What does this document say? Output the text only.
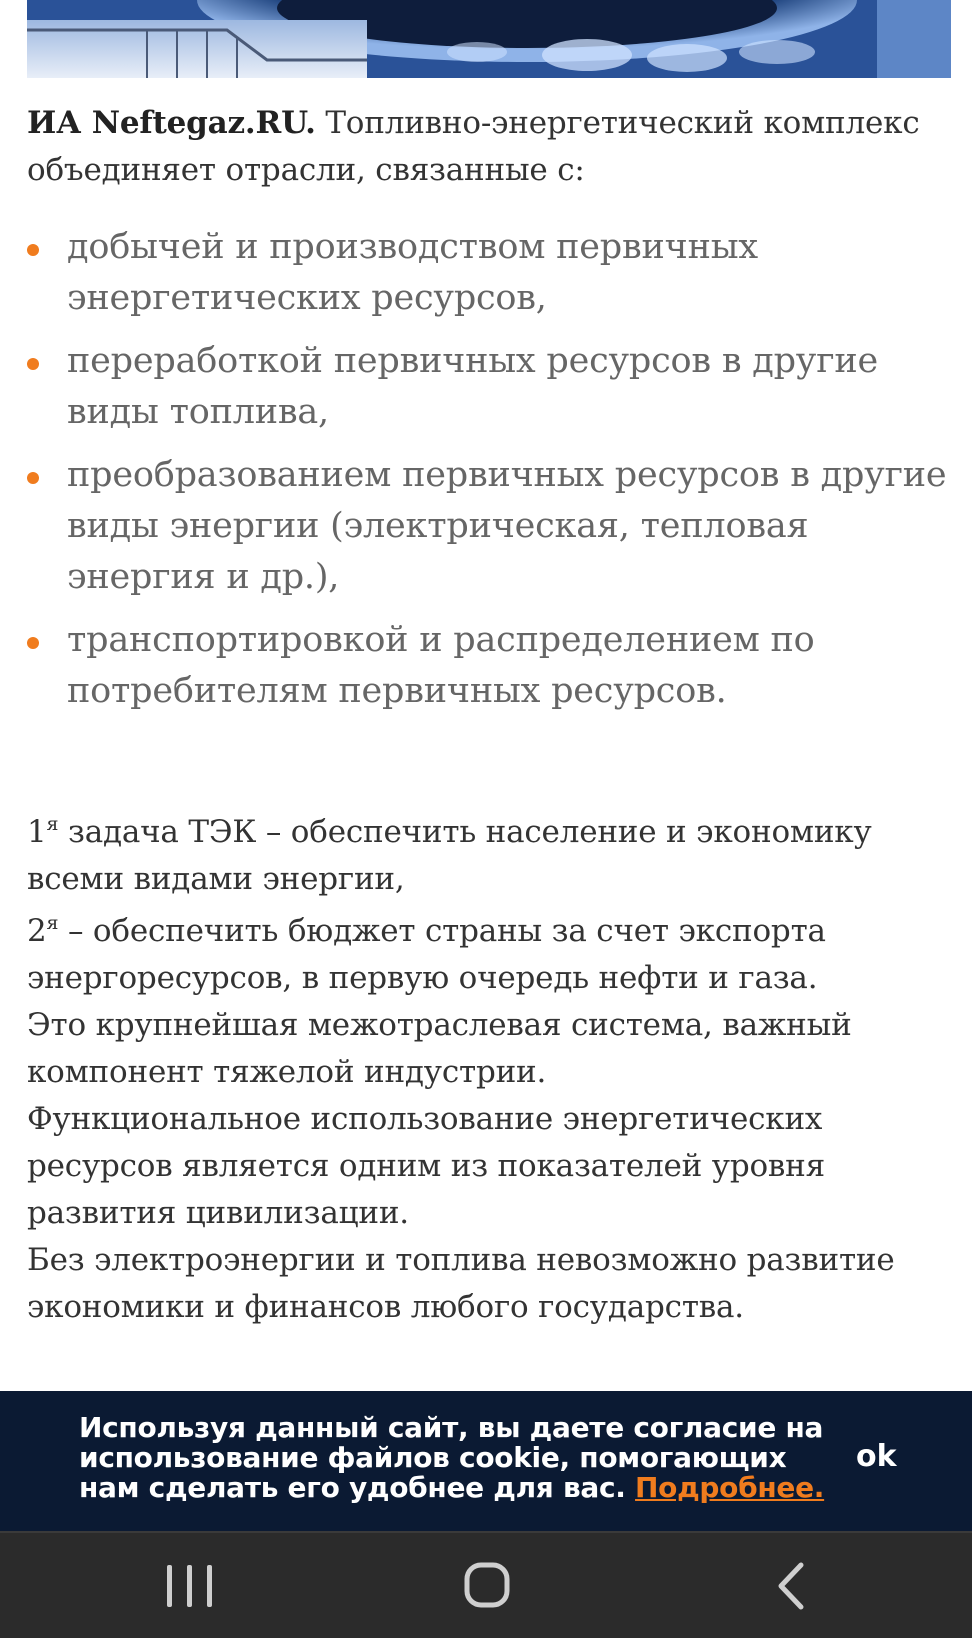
ИА Neftegaz.RU. Топливно-энергетический комплекс объединяет отрасли, связанные с:

добычей и производством первичных энергетических ресурсов,
переработкой первичных ресурсов в другие виды топлива,
преобразованием первичных ресурсов в другие виды энергии (электрическая, тепловая энергия и др.),
транспортировкой и распределением по потребителям первичных ресурсов.

$1^я$ задача ТЭК – обеспечить население и экономику всеми видами энергии,

$2^я$ – обеспечить бюджет страны за счет экспорта энергоресурсов, в первую очередь нефти и газа.

Это крупнейшая межотраслевая система, важный компонент тяжелой индустрии.

Функциональное использование энергетических ресурсов является одним из показателей уровня развития цивилизации.

Без электроэнергии и топлива невозможно развитие экономики и финансов любого государства.

Используя данный сайт, вы даете согласие на использование файлов cookie, помогающих нам сделать его удобнее для вас. Подробнее.
ok
